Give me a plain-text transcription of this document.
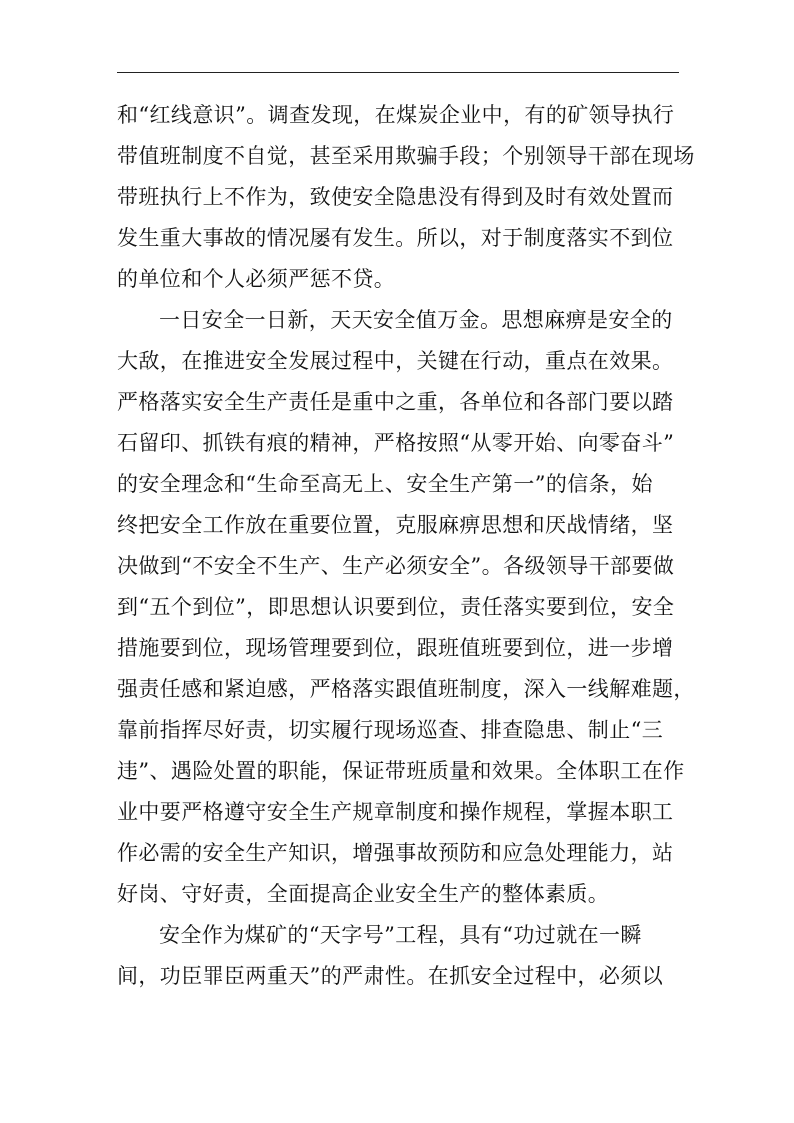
和“红线意识”。调查发现，在煤炭企业中，有的矿领导执行
带值班制度不自觉，甚至采用欺骗手段；个别领导干部在现场
带班执行上不作为，致使安全隐患没有得到及时有效处置而
发生重大事故的情况屡有发生。所以，对于制度落实不到位
的单位和个人必须严惩不贷。
一日安全一日新，天天安全值万金。思想麻痹是安全的
大敌，在推进安全发展过程中，关键在行动，重点在效果。
严格落实安全生产责任是重中之重，各单位和各部门要以踏
石留印、抓铁有痕的精神，严格按照“从零开始、向零奋斗”
的安全理念和“生命至高无上、安全生产第一”的信条，始
终把安全工作放在重要位置，克服麻痹思想和厌战情绪，坚
决做到“不安全不生产、生产必须安全”。各级领导干部要做
到“五个到位”，即思想认识要到位，责任落实要到位，安全
措施要到位，现场管理要到位，跟班值班要到位，进一步增
强责任感和紧迫感，严格落实跟值班制度，深入一线解难题，
靠前指挥尽好责，切实履行现场巡查、排查隐患、制止“三
违”、遇险处置的职能，保证带班质量和效果。全体职工在作
业中要严格遵守安全生产规章制度和操作规程，掌握本职工
作必需的安全生产知识，增强事故预防和应急处理能力，站
好岗、守好责，全面提高企业安全生产的整体素质。
安全作为煤矿的“天字号”工程，具有“功过就在一瞬
间，功臣罪臣两重天”的严肃性。在抓安全过程中，必须以
